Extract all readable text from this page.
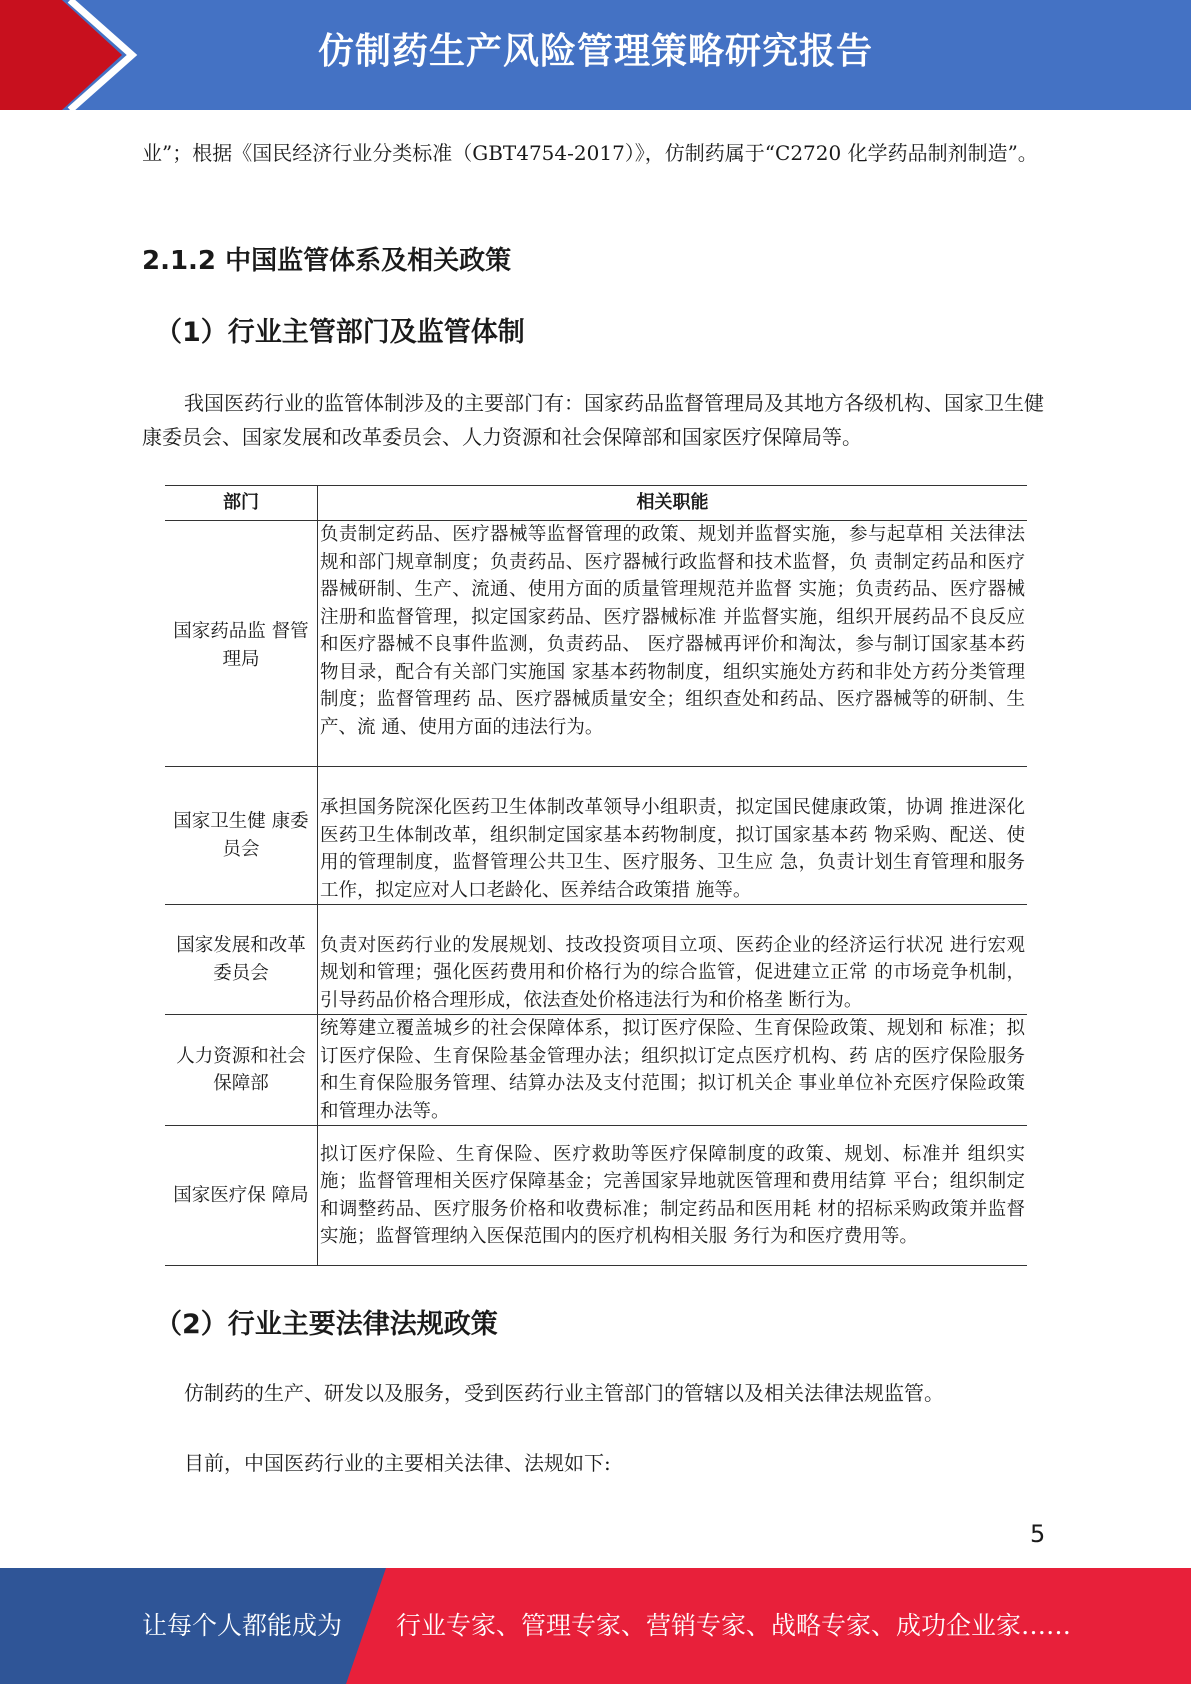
仿制药生产风险管理策略研究报告

业”；根据《国民经济行业分类标准（GBT4754-2017）》，仿制药属于“C2720 化学药品制剂制造”。

2.1.2 中国监管体系及相关政策
（1）行业主管部门及监管体制

我国医药行业的监管体制涉及的主要部门有：国家药品监督管理局及其地方各级机构、国家卫生健康委员会、国家发展和改革委员会、人力资源和社会保障部和国家医疗保障局等。

部门	相关职能
国家药品监 督管理局	负责制定药品、医疗器械等监督管理的政策、规划并监督实施，参与起草相 关法律法规和部门规章制度；负责药品、医疗器械行政监督和技术监督，负 责制定药品和医疗器械研制、生产、流通、使用方面的质量管理规范并监督 实施；负责药品、医疗器械注册和监督管理，拟定国家药品、医疗器械标准 并监督实施，组织开展药品不良反应和医疗器械不良事件监测，负责药品、 医疗器械再评价和淘汰，参与制订国家基本药物目录，配合有关部门实施国 家基本药物制度，组织实施处方药和非处方药分类管理制度；监督管理药 品、医疗器械质量安全；组织查处和药品、医疗器械等的研制、生产、流 通、使用方面的违法行为。
国家卫生健 康委员会	承担国务院深化医药卫生体制改革领导小组职责，拟定国民健康政策，协调 推进深化医药卫生体制改革，组织制定国家基本药物制度，拟订国家基本药 物采购、配送、使用的管理制度，监督管理公共卫生、医疗服务、卫生应 急，负责计划生育管理和服务工作，拟定应对人口老龄化、医养结合政策措 施等。
国家发展和改革委员会	负责对医药行业的发展规划、技改投资项目立项、医药企业的经济运行状况 进行宏观规划和管理；强化医药费用和价格行为的综合监管，促进建立正常 的市场竞争机制，引导药品价格合理形成，依法查处价格违法行为和价格垄 断行为。
人力资源和社会保障部	统筹建立覆盖城乡的社会保障体系，拟订医疗保险、生育保险政策、规划和 标准；拟订医疗保险、生育保险基金管理办法；组织拟订定点医疗机构、药 店的医疗保险服务和生育保险服务管理、结算办法及支付范围；拟订机关企 事业单位补充医疗保险政策和管理办法等。
国家医疗保 障局	拟订医疗保险、生育保险、医疗救助等医疗保障制度的政策、规划、标准并 组织实施；监督管理相关医疗保障基金；完善国家异地就医管理和费用结算 平台；组织制定和调整药品、医疗服务价格和收费标准；制定药品和医用耗 材的招标采购政策并监督实施；监督管理纳入医保范围内的医疗机构相关服 务行为和医疗费用等。
（2）行业主要法律法规政策

仿制药的生产、研发以及服务，受到医药行业主管部门的管辖以及相关法律法规监管。

目前，中国医药行业的主要相关法律、法规如下:

5
让每个人都能成为 行业专家、管理专家、营销专家、战略专家、成功企业家……
